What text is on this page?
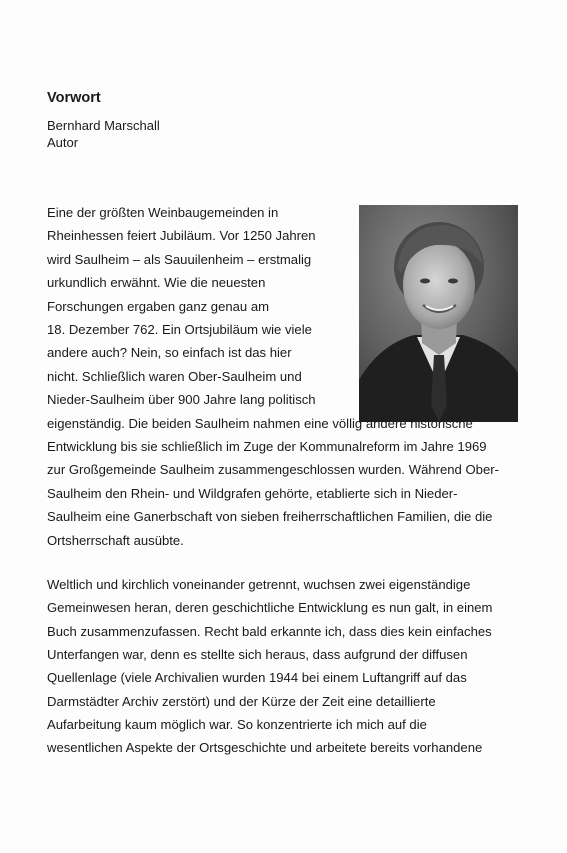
Vorwort
Bernhard Marschall
Autor
Eine der größten Weinbaugemeinden in
Rheinhessen feiert Jubiläum. Vor 1250 Jahren
wird Saulheim – als Sauuilenheim – erstmalig
urkundlich erwähnt. Wie die neuesten
Forschungen ergaben ganz genau am
18. Dezember 762. Ein Ortsjubiläum wie viele
andere auch? Nein, so einfach ist das hier
nicht. Schließlich waren Ober-Saulheim und
Nieder-Saulheim über 900 Jahre lang politisch
eigenständig. Die beiden Saulheim nahmen eine völlig andere historische
Entwicklung bis sie schließlich im Zuge der Kommunalreform im Jahre 1969
zur Großgemeinde Saulheim zusammengeschlossen wurden. Während Ober-
Saulheim den Rhein- und Wildgrafen gehörte, etablierte sich in Nieder-
Saulheim eine Ganerbschaft von sieben freiherrschaftlichen Familien, die die
Ortsherrschaft ausübte.
Weltlich und kirchlich voneinander getrennt, wuchsen zwei eigenständige
Gemeinwesen heran, deren geschichtliche Entwicklung es nun galt, in einem
Buch zusammenzufassen. Recht bald erkannte ich, dass dies kein einfaches
Unterfangen war, denn es stellte sich heraus, dass aufgrund der diffusen
Quellenlage (viele Archivalien wurden 1944 bei einem Luftangriff auf das
Darmstädter Archiv zerstört) und der Kürze der Zeit eine detaillierte
Aufarbeitung kaum möglich war. So konzentrierte ich mich auf die
wesentlichen Aspekte der Ortsgeschichte und arbeitete bereits vorhandene
